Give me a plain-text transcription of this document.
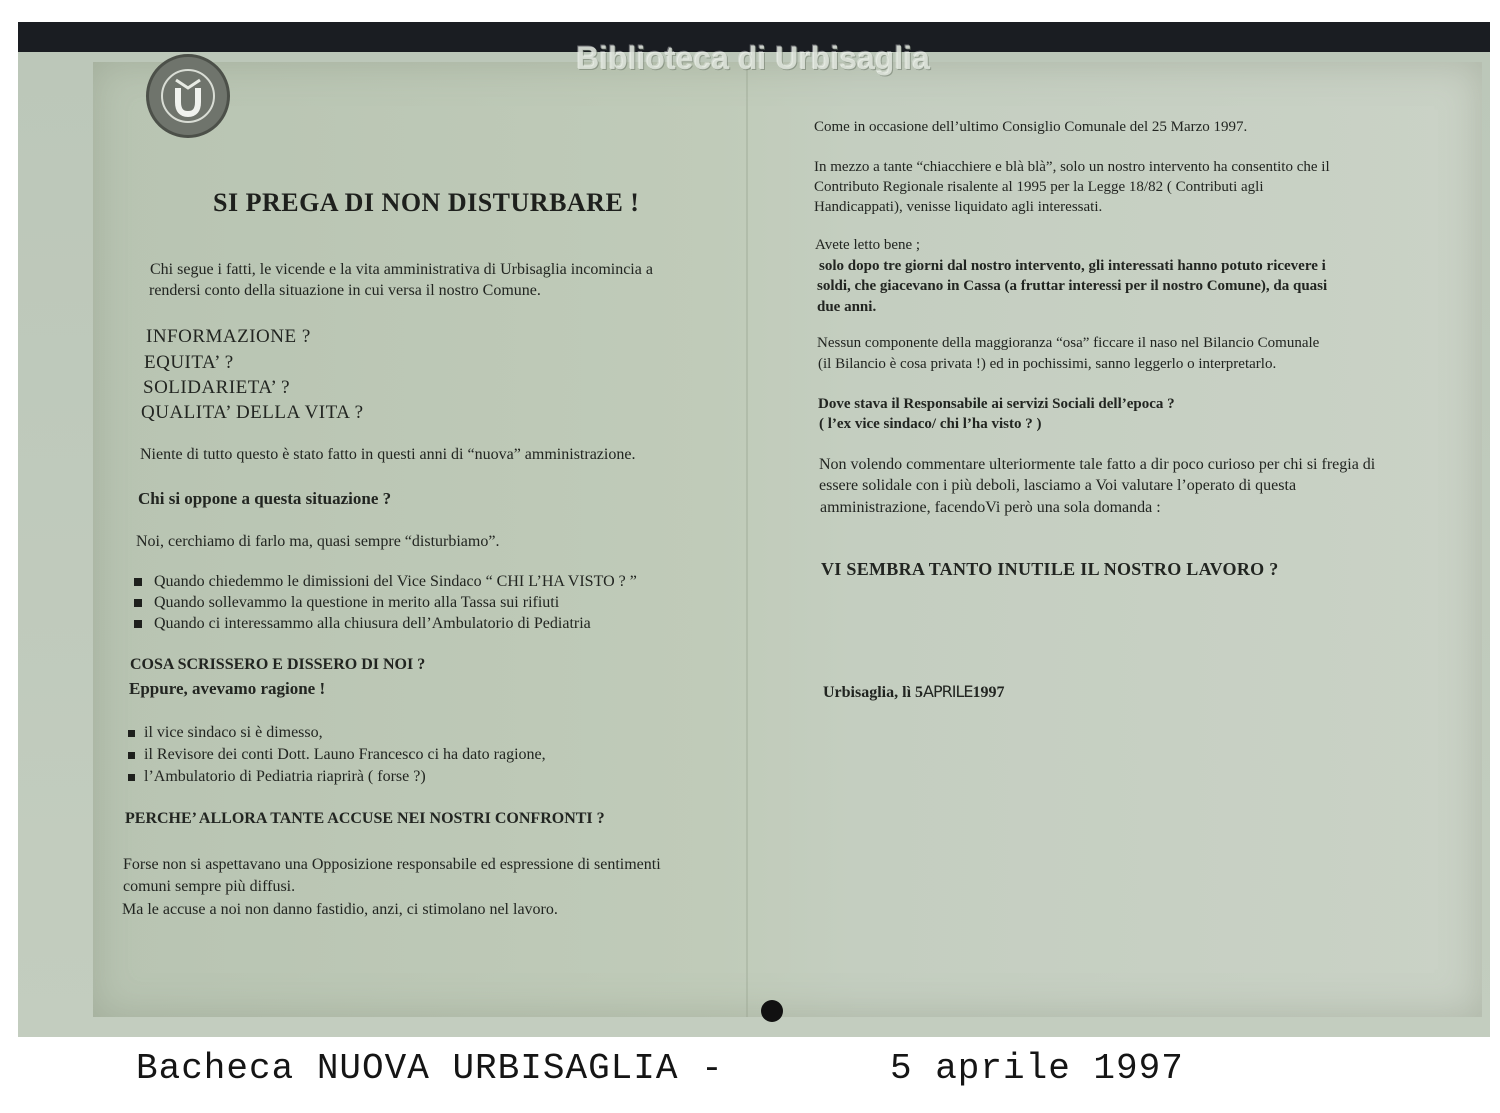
Biblioteca di Urbisaglia
SI PREGA DI NON DISTURBARE !
Chi segue i fatti, le vicende e la vita amministrativa di Urbisaglia incomincia a
rendersi conto della situazione in cui versa il nostro Comune.
INFORMAZIONE ?
EQUITA’ ?
SOLIDARIETA’ ?
QUALITA’ DELLA VITA ?
Niente di tutto questo è stato fatto in questi anni di “nuova” amministrazione.
Chi si oppone a questa situazione ?
Noi, cerchiamo di farlo ma, quasi sempre “disturbiamo”.
Quando chiedemmo le dimissioni del Vice Sindaco “ CHI L’HA VISTO ? ”
Quando sollevammo la questione in merito alla Tassa sui rifiuti
Quando ci interessammo alla chiusura dell’Ambulatorio di Pediatria
COSA SCRISSERO E DISSERO DI NOI ?
Eppure, avevamo ragione !
il vice sindaco si è dimesso,
il Revisore dei conti Dott. Launo Francesco ci ha dato ragione,
l’Ambulatorio di Pediatria riaprirà ( forse ?)
PERCHE’ ALLORA TANTE ACCUSE NEI NOSTRI CONFRONTI ?
Forse non si aspettavano una Opposizione responsabile ed espressione di sentimenti
comuni sempre più diffusi.
Ma le accuse a noi non danno fastidio, anzi, ci stimolano nel lavoro.
Come in occasione dell’ultimo Consiglio Comunale del 25 Marzo 1997.
In mezzo a tante “chiacchiere e blà blà”, solo un nostro intervento ha consentito che il
Contributo Regionale risalente al 1995 per la Legge 18/82 ( Contributi agli
Handicappati), venisse liquidato agli interessati.
Avete letto bene ;
solo dopo tre giorni dal nostro intervento, gli interessati hanno potuto ricevere i
soldi, che giacevano in Cassa (a fruttar interessi per il nostro Comune), da quasi
due anni.
Nessun componente della maggioranza “osa” ficcare il naso nel Bilancio Comunale
(il Bilancio è cosa privata !) ed in pochissimi, sanno leggerlo o interpretarlo.
Dove stava il Responsabile ai servizi Sociali dell’epoca ?
( l’ex vice sindaco/ chi l’ha visto ? )
Non volendo commentare ulteriormente tale fatto a dir poco curioso per chi si fregia di
essere solidale con i più deboli, lasciamo a Voi valutare l’operato di questa
amministrazione, facendoVi però una sola domanda :
VI SEMBRA TANTO INUTILE IL NOSTRO LAVORO ?
Urbisaglia, lì 5APRILE1997
Bacheca NUOVA URBISAGLIA -	5 aprile 1997
